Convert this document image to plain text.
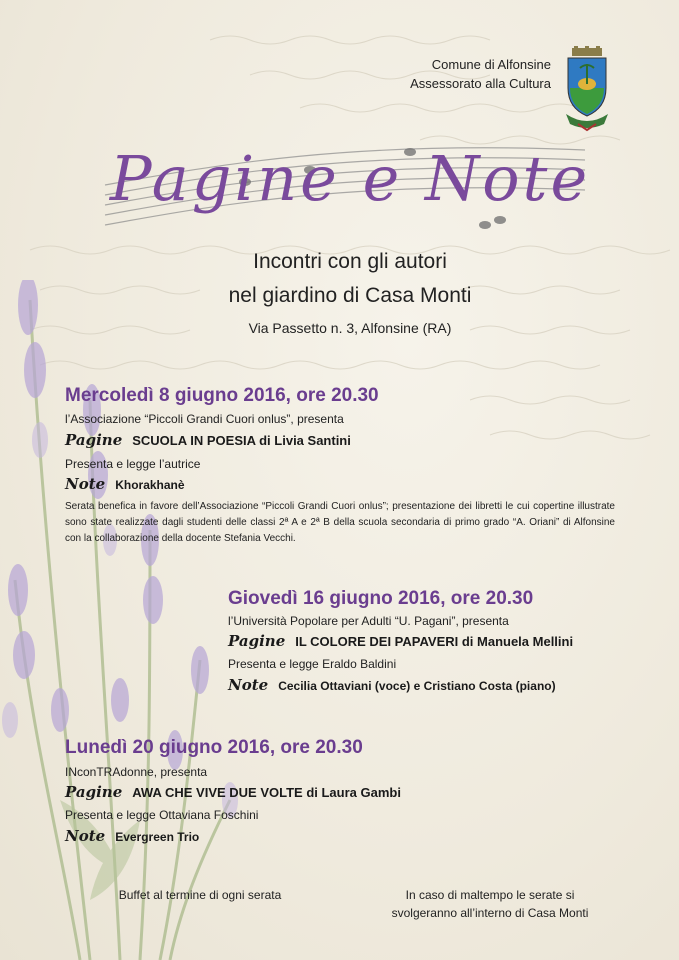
Comune di Alfonsine
Assessorato alla Cultura
Pagine e Note
Incontri con gli autori
nel giardino di Casa Monti
Via Passetto n. 3, Alfonsine (RA)
Mercoledì 8 giugno 2016, ore 20.30
l’Associazione “Piccoli Grandi Cuori onlus”, presenta
Pagine SCUOLA IN POESIA di Livia Santini
Presenta e legge l’autrice
Note Khorakhanè
Serata benefica in favore dell’Associazione “Piccoli Grandi Cuori onlus”; presentazione dei libretti le cui copertine illustrate sono state realizzate dagli studenti delle classi 2ª A e 2ª B della scuola secondaria di primo grado “A. Oriani” di Alfonsine con la collaborazione della docente Stefania Vecchi.
Giovedì 16 giugno 2016, ore 20.30
l’Università Popolare per Adulti “U. Pagani”, presenta
Pagine IL COLORE DEI PAPAVERI di Manuela Mellini
Presenta e legge Eraldo Baldini
Note Cecilia Ottaviani (voce) e Cristiano Costa (piano)
Lunedì 20 giugno 2016, ore 20.30
INconTRAdonne, presenta
Pagine AWA CHE VIVE DUE VOLTE di Laura Gambi
Presenta e legge Ottaviana Foschini
Note Evergreen Trio
Buffet al termine di ogni serata	In caso di maltempo le serate si
svolgeranno all’interno di Casa Monti
